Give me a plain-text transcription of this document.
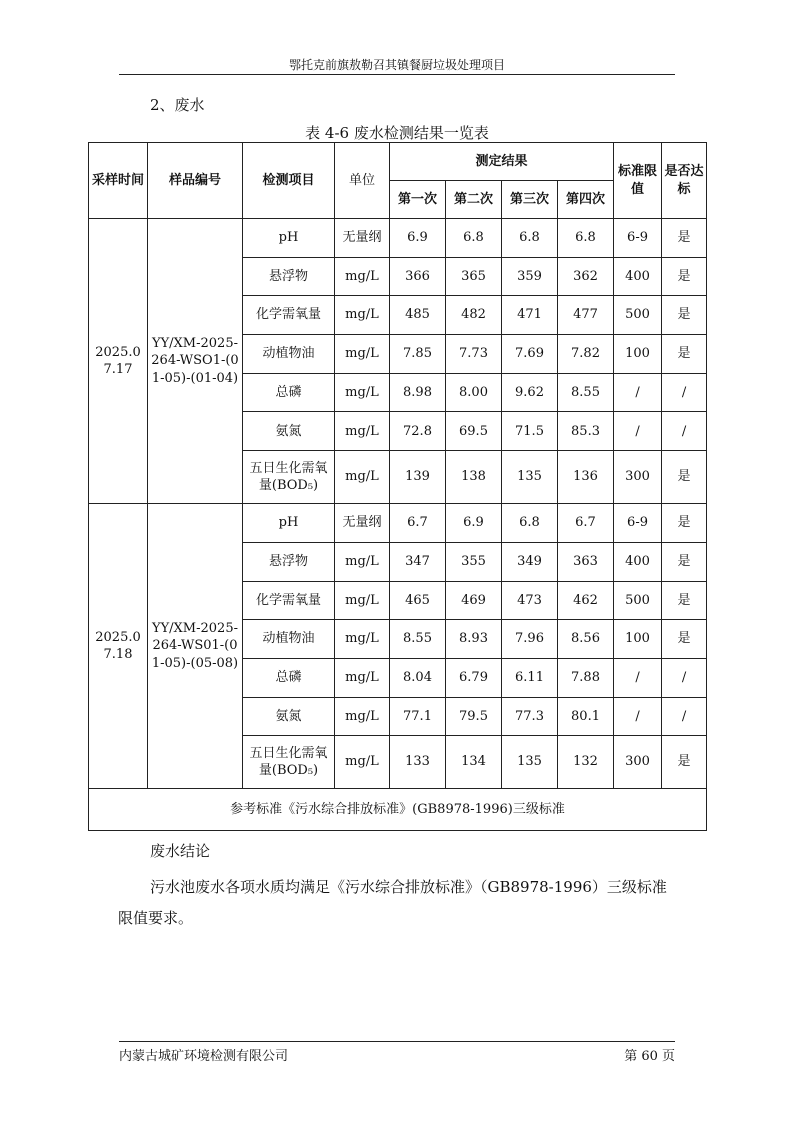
鄂托克前旗敖勒召其镇餐厨垃圾处理项目
2、废水
表 4-6 废水检测结果一览表
采样时间	样品编号	检测项目	单位	测定结果				标准限值	是否达标
				第一次	第二次	第三次	第四次		
2025.07.17	YY/XM-2025-264-WSO1-(01-05)-(01-04)	pH	无量纲	6.9	6.8	6.8	6.8	6-9	是
		悬浮物	mg/L	366	365	359	362	400	是
		化学需氧量	mg/L	485	482	471	477	500	是
		动植物油	mg/L	7.85	7.73	7.69	7.82	100	是
		总磷	mg/L	8.98	8.00	9.62	8.55	/	/
		氨氮	mg/L	72.8	69.5	71.5	85.3	/	/
		五日生化需氧量(BOD₅)	mg/L	139	138	135	136	300	是
2025.07.18	YY/XM-2025-264-WS01-(01-05)-(05-08)	pH	无量纲	6.7	6.9	6.8	6.7	6-9	是
		悬浮物	mg/L	347	355	349	363	400	是
		化学需氧量	mg/L	465	469	473	462	500	是
		动植物油	mg/L	8.55	8.93	7.96	8.56	100	是
		总磷	mg/L	8.04	6.79	6.11	7.88	/	/
		氨氮	mg/L	77.1	79.5	77.3	80.1	/	/
		五日生化需氧量(BOD₅)	mg/L	133	134	135	132	300	是
参考标准《污水综合排放标准》(GB8978-1996)三级标准									
废水结论
污水池废水各项水质均满足《污水综合排放标准》（GB8978-1996）三级标准限值要求。
内蒙古城矿环境检测有限公司	第 60 页
